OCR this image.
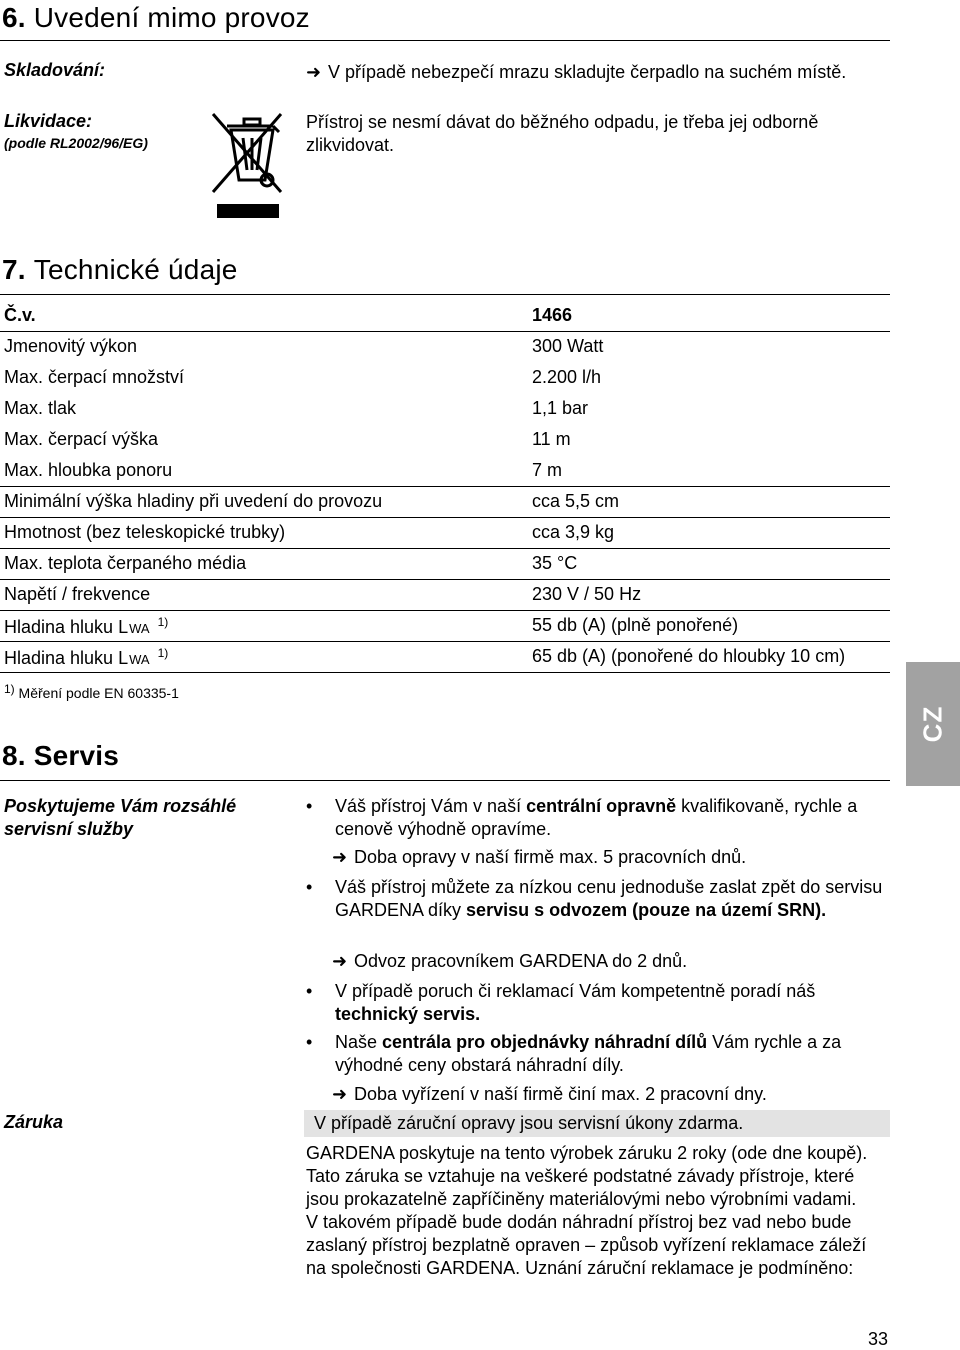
6. Uvedení mimo provoz
Skladování:	➜ V případě nebezpečí mrazu skladujte čerpadlo na suchém místě.
Likvidace:
(podle RL2002/96/EG)
Přístroj se nesmí dávat do běžného odpadu, je třeba jej odborně zlikvidovat.
7. Technické údaje
Č.v.	1466
Jmenovitý výkon	300 Watt
Max. čerpací množství	2.200 l/h
Max. tlak	1,1 bar
Max. čerpací výška	11 m
Max. hloubka ponoru	7 m
Minimální výška hladiny při uvedení do provozu	cca 5,5 cm
Hmotnost (bez teleskopické trubky)	cca 3,9 kg
Max. teplota čerpaného média	35 °C
Napětí / frekvence	230 V / 50 Hz
Hladina hluku LWA $^{1)}$	55 db (A) (plně ponořené)
Hladina hluku LWA $^{1)}$	65 db (A) (ponořené do hloubky 10 cm)
1) Měření podle EN 60335-1
8. Servis
Poskytujeme Vám rozsáhlé
servisní služby
• Váš přístroj Vám v naší centrální opravně kvalifikovaně, rychle a cenově výhodně opravíme.
➜ Doba opravy v naší firmě max. 5 pracovních dnů.
• Váš přístroj můžete za nízkou cenu jednoduše zaslat zpět do servisu GARDENA díky servisu s odvozem (pouze na území SRN).
➜ Odvoz pracovníkem GARDENA do 2 dnů.
• V případě poruch či reklamací Vám kompetentně poradí náš technický servis.
• Naše centrála pro objednávky náhradní dílů Vám rychle a za výhodné ceny obstará náhradní díly.
➜ Doba vyřízení v naší firmě činí max. 2 pracovní dny.
Záruka	V případě záruční opravy jsou servisní úkony zdarma.
GARDENA poskytuje na tento výrobek záruku 2 roky (ode dne koupě). Tato záruka se vztahuje na veškeré podstatné závady přístroje, které jsou prokazatelně zapříčiněny materiálovými nebo výrobními vadami. V takovém případě bude dodán náhradní přístroj bez vad nebo bude zaslaný přístroj bezplatně opraven – způsob vyřízení reklamace záleží na společnosti GARDENA. Uznání záruční reklamace je podmíněno:
CZ
33
